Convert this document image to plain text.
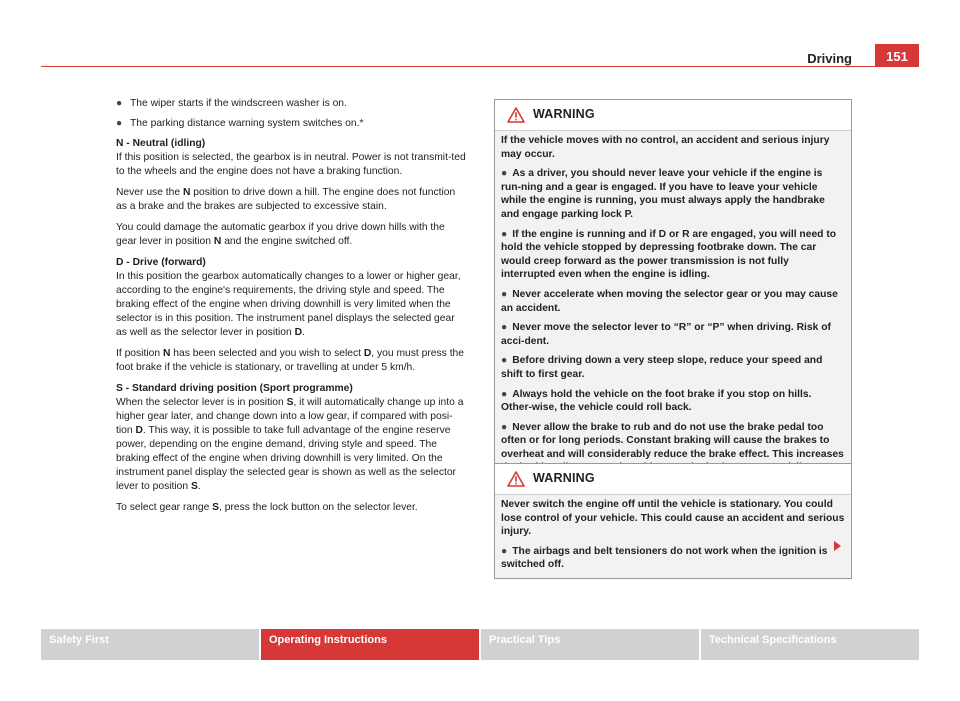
Driving	151
● The wiper starts if the windscreen washer is on.
● The parking distance warning system switches on.*

N - Neutral (idling)

If this position is selected, the gearbox is in neutral. Power is not transmit-ted to the wheels and the engine does not have a braking function.

Never use the N position to drive down a hill. The engine does not function as a brake and the brakes are subjected to excessive stain.

You could damage the automatic gearbox if you drive down hills with the gear lever in position N and the engine switched off.

D - Drive (forward)

In this position the gearbox automatically changes to a lower or higher gear, according to the engine's requirements, the driving style and speed. The braking effect of the engine when driving downhill is very limited when the selector is in this position. The instrument panel displays the selected gear as well as the selector lever in position D.

If position N has been selected and you wish to select D, you must press the foot brake if the vehicle is stationary, or travelling at under 5 km/h.

S - Standard driving position (Sport programme)

When the selector lever is in position S, it will automatically change up into a higher gear later, and change down into a low gear, if compared with posi-tion D. This way, it is possible to take full advantage of the engine reserve power, depending on the engine demand, driving style and speed. The braking effect of the engine when driving downhill is very limited. On the instrument panel display the selected gear is shown as well as the selector lever to position S.

To select gear range S, press the lock button on the selector lever.

WARNING

If the vehicle moves with no control, an accident and serious injury may occur.

● As a driver, you should never leave your vehicle if the engine is run-ning and a gear is engaged. If you have to leave your vehicle while the engine is running, you must always apply the handbrake and engage parking lock P.

● If the engine is running and if D or R are engaged, you will need to hold the vehicle stopped by depressing footbrake down. The car would creep forward as the power transmission is not fully interrupted even when the engine is idling.

● Never accelerate when moving the selector gear or you may cause an accident.

● Never move the selector lever to “R” or “P” when driving. Risk of acci-dent.

● Before driving down a very steep slope, reduce your speed and shift to first gear.

● Always hold the vehicle on the foot brake if you stop on hills. Other-wise, the vehicle could roll back.

● Never allow the brake to rub and do not use the brake pedal too often or for long periods. Constant braking will cause the brakes to overheat and will considerably reduce the brake effect. This increases

WARNING

Never switch the engine off until the vehicle is stationary. You could lose control of your vehicle. This could cause an accident and serious injury.

● The airbags and belt tensioners do not work when the ignition is switched off.

Safety First	Operating Instructions	Practical Tips	Technical Specifications
